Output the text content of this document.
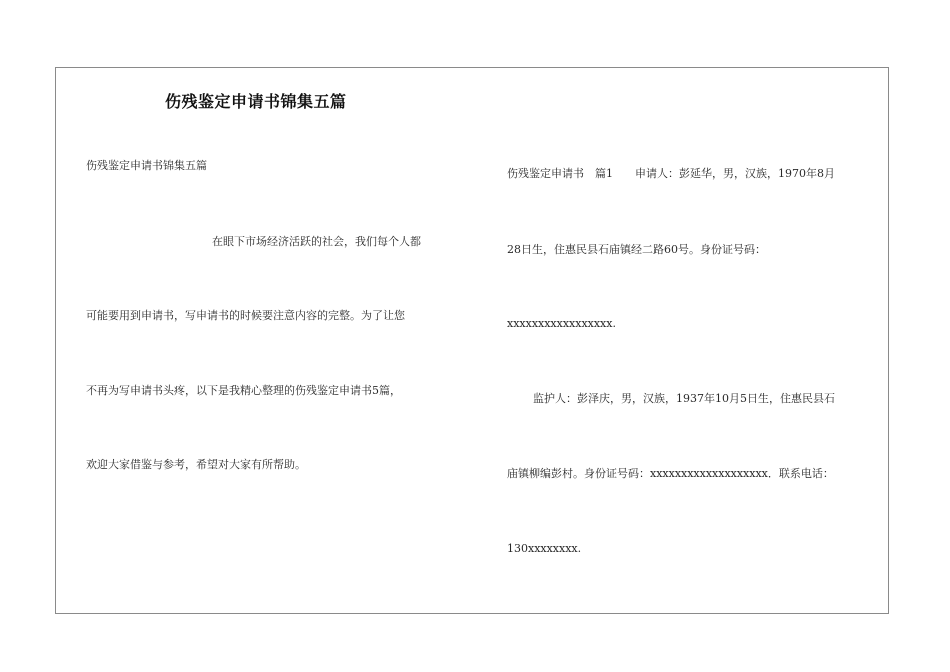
伤残鉴定申请书锦集五篇
伤残鉴定申请书锦集五篇
在眼下市场经济活跃的社会，我们每个人都
可能要用到申请书，写申请书的时候要注意内容的完整。为了让您
不再为写申请书头疼，以下是我精心整理的伤残鉴定申请书5篇，
欢迎大家借鉴与参考，希望对大家有所帮助。
伤残鉴定申请书　篇1　　申请人：彭延华，男，汉族，1970年8月
28日生，住惠民县石庙镇经二路60号。身份证号码：
xxxxxxxxxxxxxxxxx.
监护人：彭泽庆，男，汉族，1937年10月5日生，住惠民县石
庙镇柳编彭村。身份证号码：xxxxxxxxxxxxxxxxxxx．联系电话：
130xxxxxxxx.
